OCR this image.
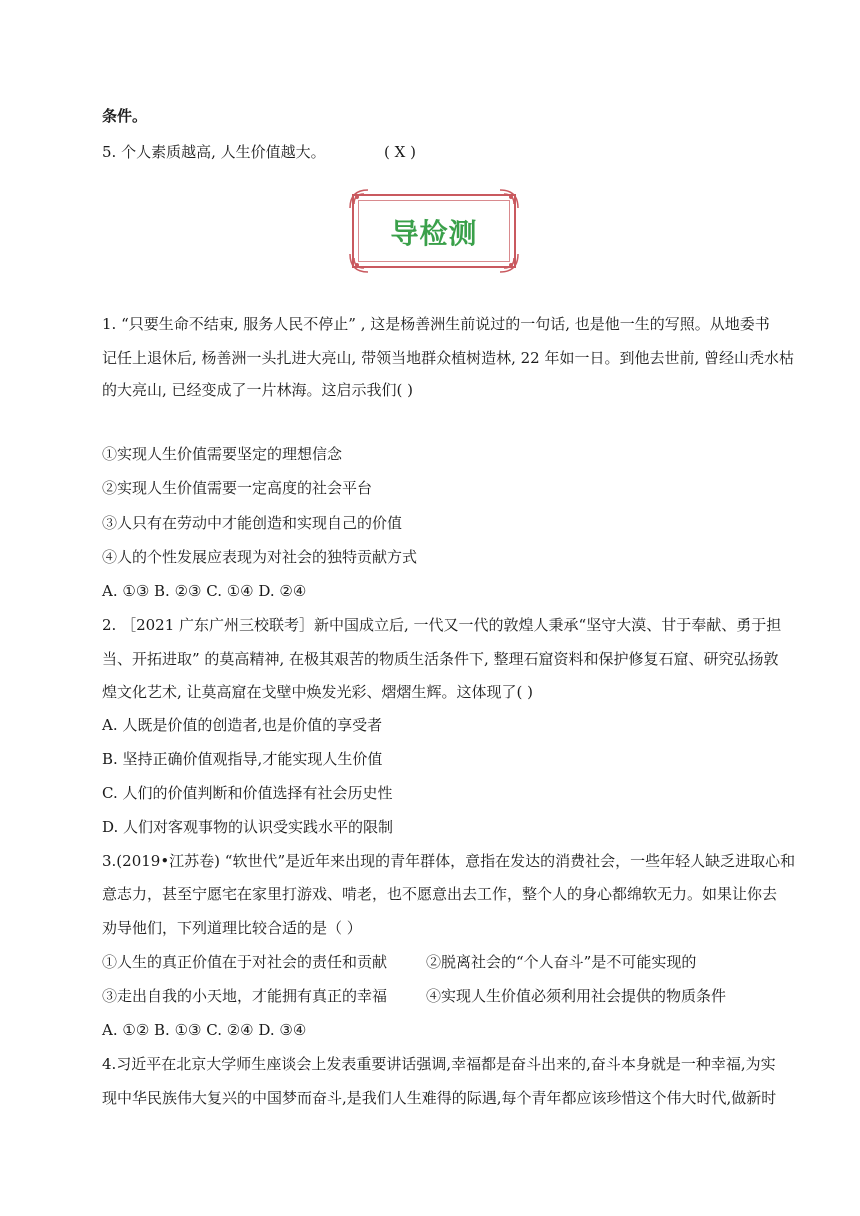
条件。
5. 个人素质越高, 人生价值越大。	( X )
导检测
1. “只要生命不结束, 服务人民不停止” , 这是杨善洲生前说过的一句话, 也是他一生的写照。从地委书
记任上退休后, 杨善洲一头扎进大亮山, 带领当地群众植树造林, 22 年如一日。到他去世前, 曾经山秃水枯
的大亮山, 已经变成了一片林海。这启示我们( )
①实现人生价值需要坚定的理想信念
②实现人生价值需要一定高度的社会平台
③人只有在劳动中才能创造和实现自己的价值
④人的个性发展应表现为对社会的独特贡献方式
A. ①③ B. ②③ C. ①④ D. ②④
2. ［2021 广东广州三校联考］新中国成立后, 一代又一代的敦煌人秉承“坚守大漠、甘于奉献、勇于担
当、开拓进取” 的莫高精神, 在极其艰苦的物质生活条件下, 整理石窟资料和保护修复石窟、研究弘扬敦
煌文化艺术, 让莫高窟在戈壁中焕发光彩、熠熠生辉。这体现了( )
A. 人既是价值的创造者,也是价值的享受者
B. 坚持正确价值观指导,才能实现人生价值
C. 人们的价值判断和价值选择有社会历史性
D. 人们对客观事物的认识受实践水平的限制
3.(2019•江苏卷) “软世代”是近年来出现的青年群体，意指在发达的消费社会，一些年轻人缺乏进取心和
意志力，甚至宁愿宅在家里打游戏、啃老，也不愿意出去工作，整个人的身心都绵软无力。如果让你去
劝导他们，下列道理比较合适的是（ ）
①人生的真正价值在于对社会的责任和贡献	②脱离社会的“个人奋斗”是不可能实现的
③走出自我的小天地，才能拥有真正的幸福	④实现人生价值必须利用社会提供的物质条件
A. ①② B. ①③ C. ②④ D. ③④
4.习近平在北京大学师生座谈会上发表重要讲话强调,幸福都是奋斗出来的,奋斗本身就是一种幸福,为实
现中华民族伟大复兴的中国梦而奋斗,是我们人生难得的际遇,每个青年都应该珍惜这个伟大时代,做新时
